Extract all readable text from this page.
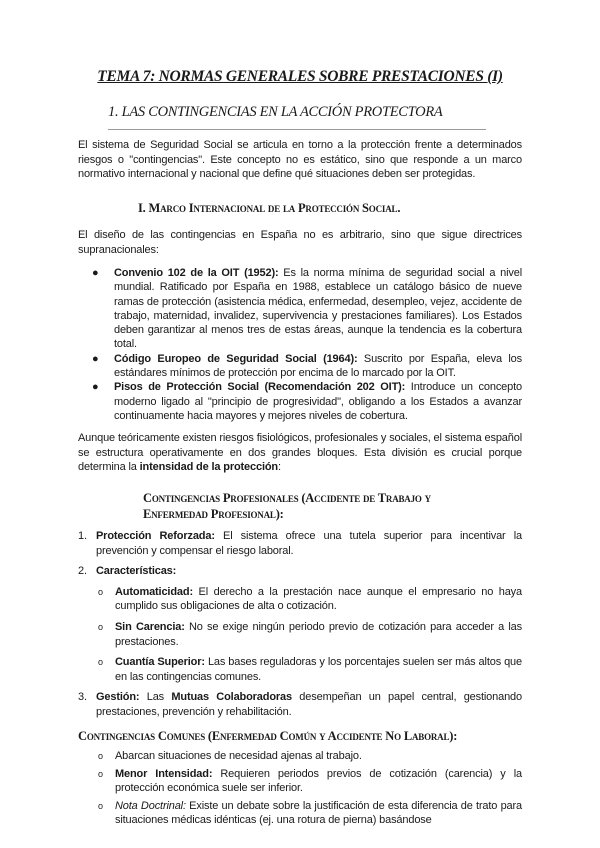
TEMA 7: NORMAS GENERALES SOBRE PRESTACIONES (I)
1. LAS CONTINGENCIAS EN LA ACCIÓN PROTECTORA
El sistema de Seguridad Social se articula en torno a la protección frente a determinados riesgos o "contingencias". Este concepto no es estático, sino que responde a un marco normativo internacional y nacional que define qué situaciones deben ser protegidas.
I. Marco Internacional de la Protección Social.
El diseño de las contingencias en España no es arbitrario, sino que sigue directrices supranacionales:
● Convenio 102 de la OIT (1952): Es la norma mínima de seguridad social a nivel mundial. Ratificado por España en 1988, establece un catálogo básico de nueve ramas de protección (asistencia médica, enfermedad, desempleo, vejez, accidente de trabajo, maternidad, invalidez, supervivencia y prestaciones familiares). Los Estados deben garantizar al menos tres de estas áreas, aunque la tendencia es la cobertura total.
● Código Europeo de Seguridad Social (1964): Suscrito por España, eleva los estándares mínimos de protección por encima de lo marcado por la OIT.
● Pisos de Protección Social (Recomendación 202 OIT): Introduce un concepto moderno ligado al "principio de progresividad", obligando a los Estados a avanzar continuamente hacia mayores y mejores niveles de cobertura.
Aunque teóricamente existen riesgos fisiológicos, profesionales y sociales, el sistema español se estructura operativamente en dos grandes bloques. Esta división es crucial porque determina la intensidad de la protección:
Contingencias Profesionales (Accidente de Trabajo y
Enfermedad Profesional):
1. Protección Reforzada: El sistema ofrece una tutela superior para incentivar la prevención y compensar el riesgo laboral.
2. Características:
o Automaticidad: El derecho a la prestación nace aunque el empresario no haya cumplido sus obligaciones de alta o cotización.
o Sin Carencia: No se exige ningún periodo previo de cotización para acceder a las prestaciones.
o Cuantía Superior: Las bases reguladoras y los porcentajes suelen ser más altos que en las contingencias comunes.
3. Gestión: Las Mutuas Colaboradoras desempeñan un papel central, gestionando prestaciones, prevención y rehabilitación.
Contingencias Comunes (Enfermedad Común y Accidente No Laboral):
o Abarcan situaciones de necesidad ajenas al trabajo.
o Menor Intensidad: Requieren periodos previos de cotización (carencia) y la protección económica suele ser inferior.
o Nota Doctrinal: Existe un debate sobre la justificación de esta diferencia de trato para situaciones médicas idénticas (ej. una rotura de pierna) basándose
